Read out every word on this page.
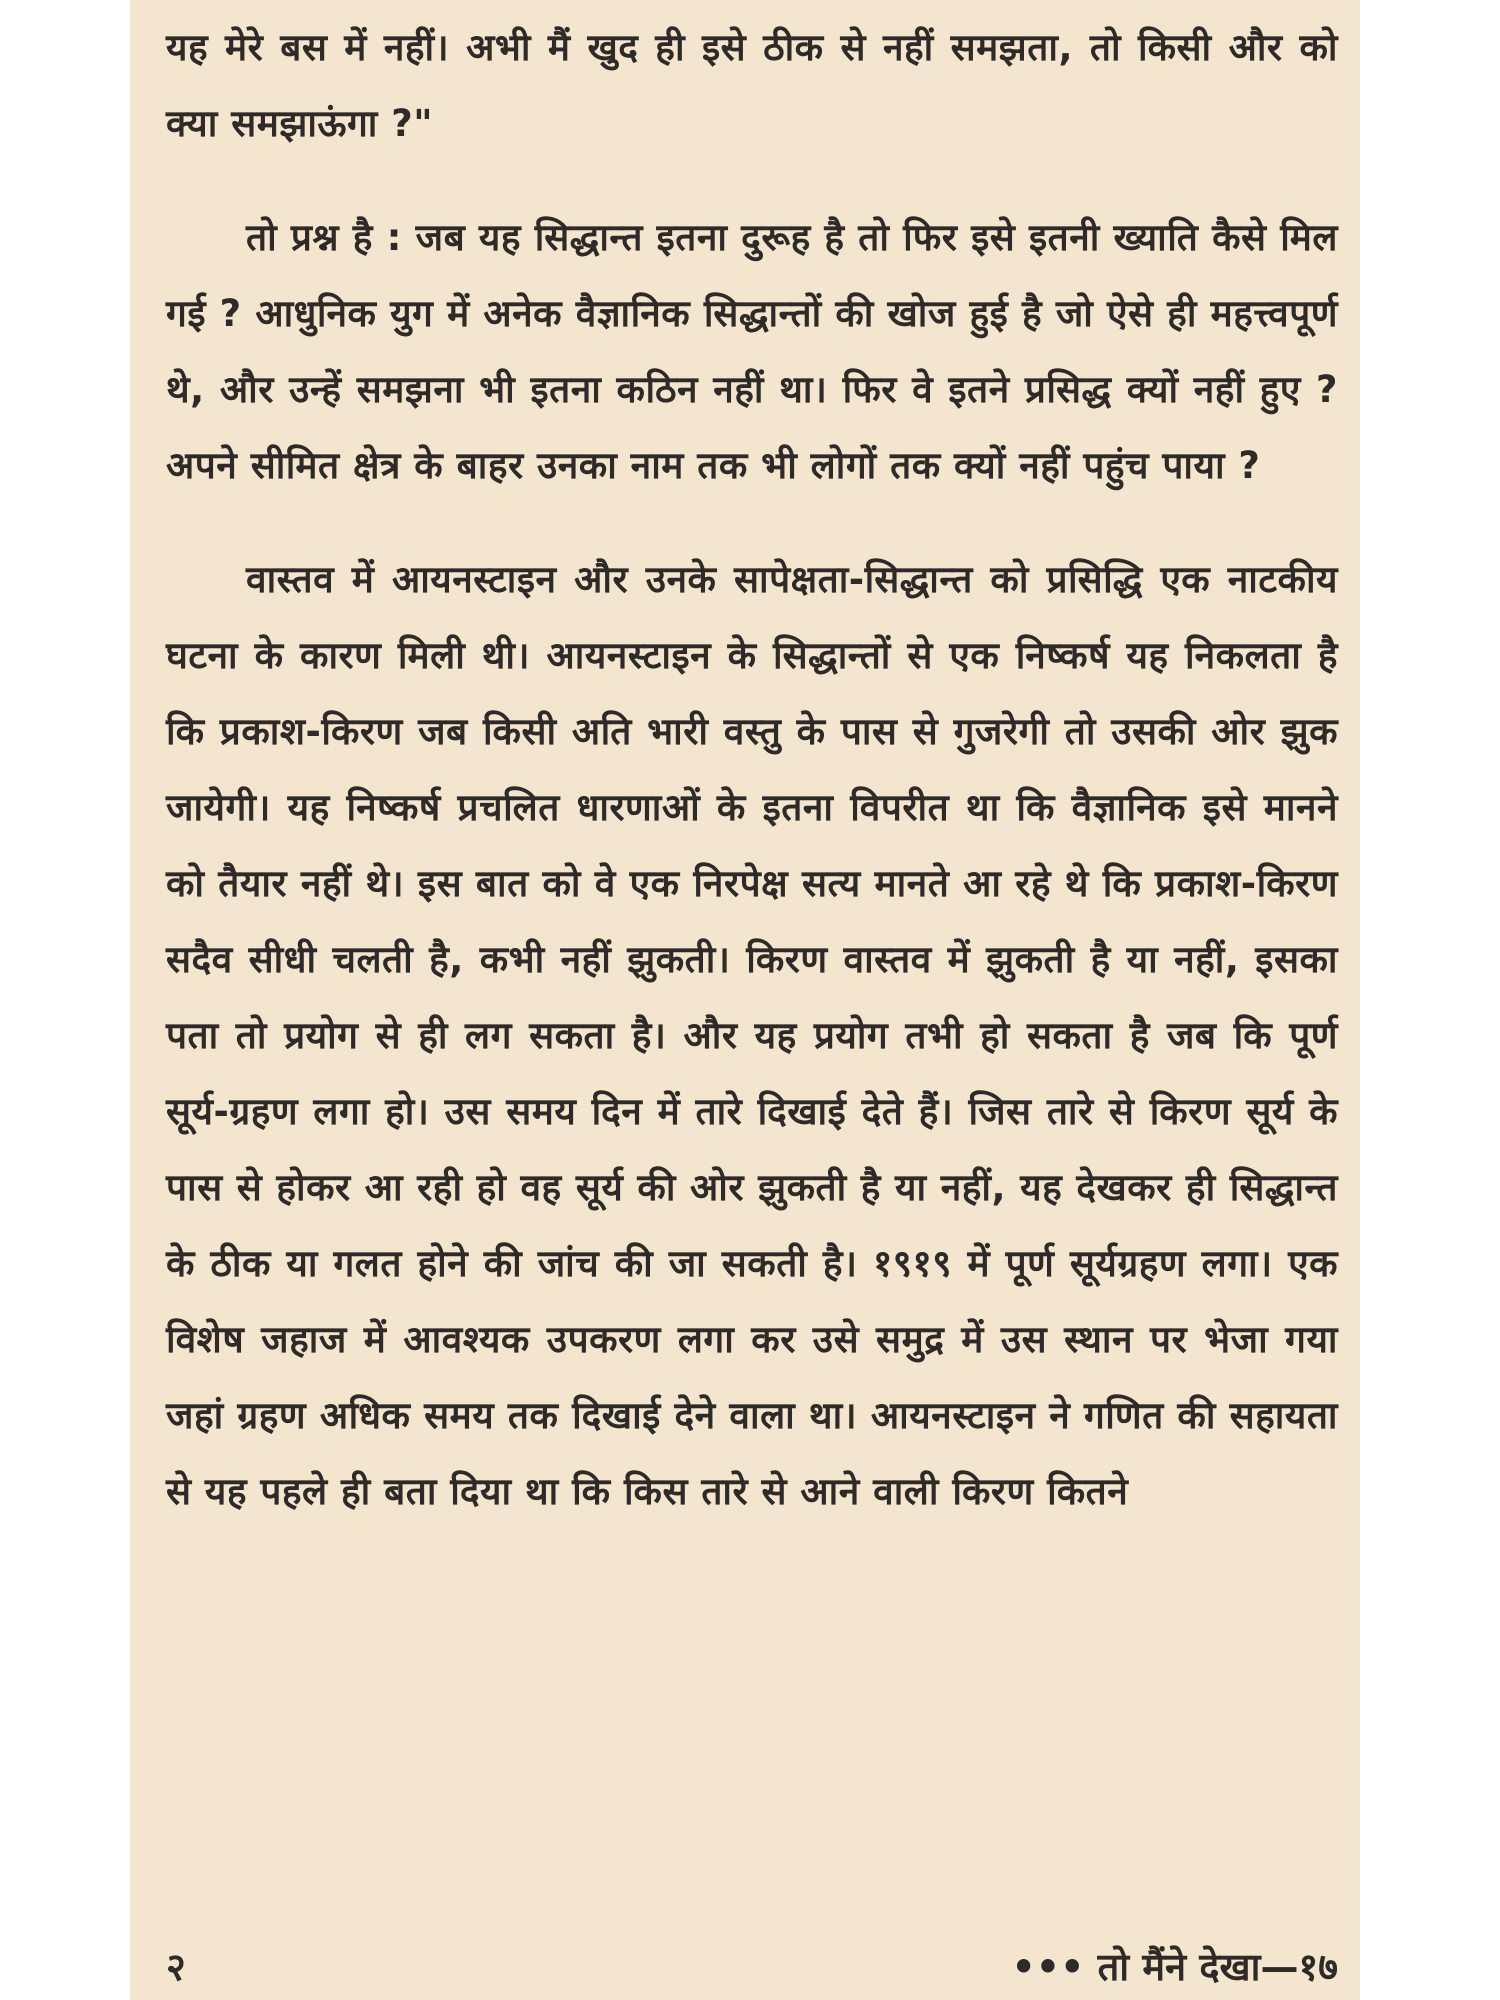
यह मेरे बस में नहीं। अभी मैं खुद ही इसे ठीक से नहीं समझता, तो किसी और को क्या समझाऊंगा ?"

तो प्रश्न है : जब यह सिद्धान्त इतना दुरूह है तो फिर इसे इतनी ख्याति कैसे मिल गई ? आधुनिक युग में अनेक वैज्ञानिक सिद्धान्तों की खोज हुई है जो ऐसे ही महत्त्वपूर्ण थे, और उन्हें समझना भी इतना कठिन नहीं था। फिर वे इतने प्रसिद्ध क्यों नहीं हुए ? अपने सीमित क्षेत्र के बाहर उनका नाम तक भी लोगों तक क्यों नहीं पहुंच पाया ?

वास्तव में आयनस्टाइन और उनके सापेक्षता-सिद्धान्त को प्रसिद्धि एक नाटकीय घटना के कारण मिली थी। आयनस्टाइन के सिद्धान्तों से एक निष्कर्ष यह निकलता है कि प्रकाश-किरण जब किसी अति भारी वस्तु के पास से गुजरेगी तो उसकी ओर झुक जायेगी। यह निष्कर्ष प्रचलित धारणाओं के इतना विपरीत था कि वैज्ञानिक इसे मानने को तैयार नहीं थे। इस बात को वे एक निरपेक्ष सत्य मानते आ रहे थे कि प्रकाश-किरण सदैव सीधी चलती है, कभी नहीं झुकती। किरण वास्तव में झुकती है या नहीं, इसका पता तो प्रयोग से ही लग सकता है। और यह प्रयोग तभी हो सकता है जब कि पूर्ण सूर्य-ग्रहण लगा हो। उस समय दिन में तारे दिखाई देते हैं। जिस तारे से किरण सूर्य के पास से होकर आ रही हो वह सूर्य की ओर झुकती है या नहीं, यह देखकर ही सिद्धान्त के ठीक या गलत होने की जांच की जा सकती है। १९१९ में पूर्ण सूर्यग्रहण लगा। एक विशेष जहाज में आवश्यक उपकरण लगा कर उसे समुद्र में उस स्थान पर भेजा गया जहां ग्रहण अधिक समय तक दिखाई देने वाला था। आयनस्टाइन ने गणित की सहायता से यह पहले ही बता दिया था कि किस तारे से आने वाली किरण कितने

२	••• तो मैंने देखा—१७
